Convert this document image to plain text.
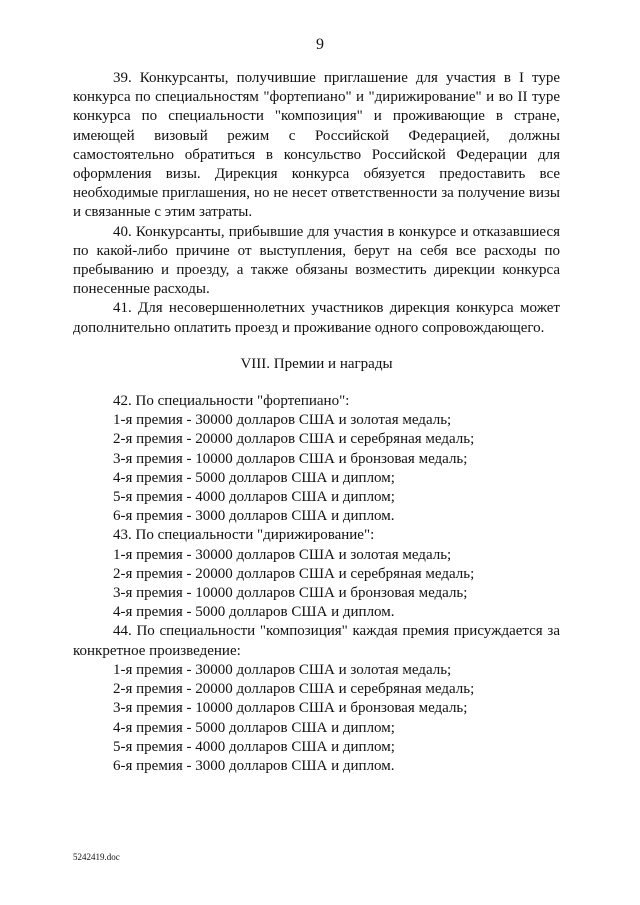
9

39. Конкурсанты, получившие приглашение для участия в I туре конкурса по специальностям "фортепиано" и "дирижирование" и во II туре конкурса по специальности "композиция" и проживающие в стране, имеющей визовый режим с Российской Федерацией, должны самостоятельно обратиться в консульство Российской Федерации для оформления визы. Дирекция конкурса обязуется предоставить все необходимые приглашения, но не несет ответственности за получение визы и связанные с этим затраты.

40. Конкурсанты, прибывшие для участия в конкурсе и отказавшиеся по какой-либо причине от выступления, берут на себя все расходы по пребыванию и проезду, а также обязаны возместить дирекции конкурса понесенные расходы.

41. Для несовершеннолетних участников дирекция конкурса может дополнительно оплатить проезд и проживание одного сопровождающего.

VIII. Премии и награды

42. По специальности "фортепиано":

1-я премия - 30000 долларов США и золотая медаль;
2-я премия - 20000 долларов США и серебряная медаль;
3-я премия - 10000 долларов США и бронзовая медаль;
4-я премия - 5000 долларов США и диплом;
5-я премия - 4000 долларов США и диплом;
6-я премия - 3000 долларов США и диплом.

43. По специальности "дирижирование":

1-я премия - 30000 долларов США и золотая медаль;
2-я премия - 20000 долларов США и серебряная медаль;
3-я премия - 10000 долларов США и бронзовая медаль;
4-я премия - 5000 долларов США и диплом.

44. По специальности "композиция" каждая премия присуждается за конкретное произведение:

1-я премия - 30000 долларов США и золотая медаль;
2-я премия - 20000 долларов США и серебряная медаль;
3-я премия - 10000 долларов США и бронзовая медаль;
4-я премия - 5000 долларов США и диплом;
5-я премия - 4000 долларов США и диплом;
6-я премия - 3000 долларов США и диплом.
5242419.doc
